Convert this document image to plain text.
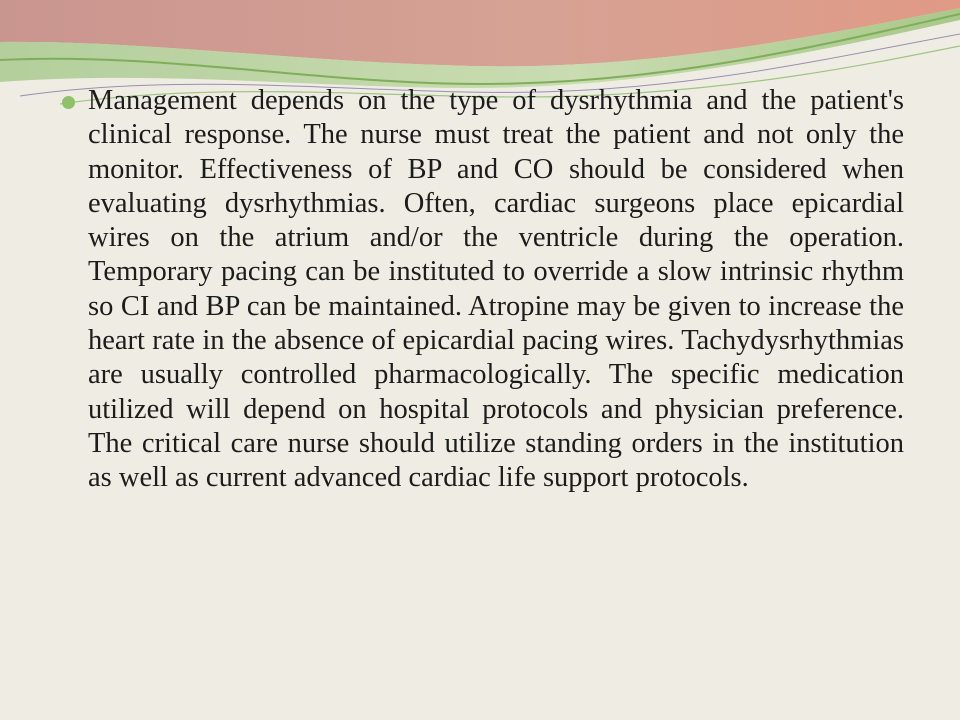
Management depends on the type of dysrhythmia and the patient's clinical response. The nurse must treat the patient and not only the monitor. Effectiveness of BP and CO should be considered when evaluating dysrhythmias. Often, cardiac surgeons place epicardial wires on the atrium and/or the ventricle during the operation. Temporary pacing can be instituted to override a slow intrinsic rhythm so CI and BP can be maintained. Atropine may be given to increase the heart rate in the absence of epicardial pacing wires. Tachydysrhythmias are usually controlled pharmacologically. The specific medication utilized will depend on hospital protocols and physician preference. The critical care nurse should utilize standing orders in the institution as well as current advanced cardiac life support protocols.
